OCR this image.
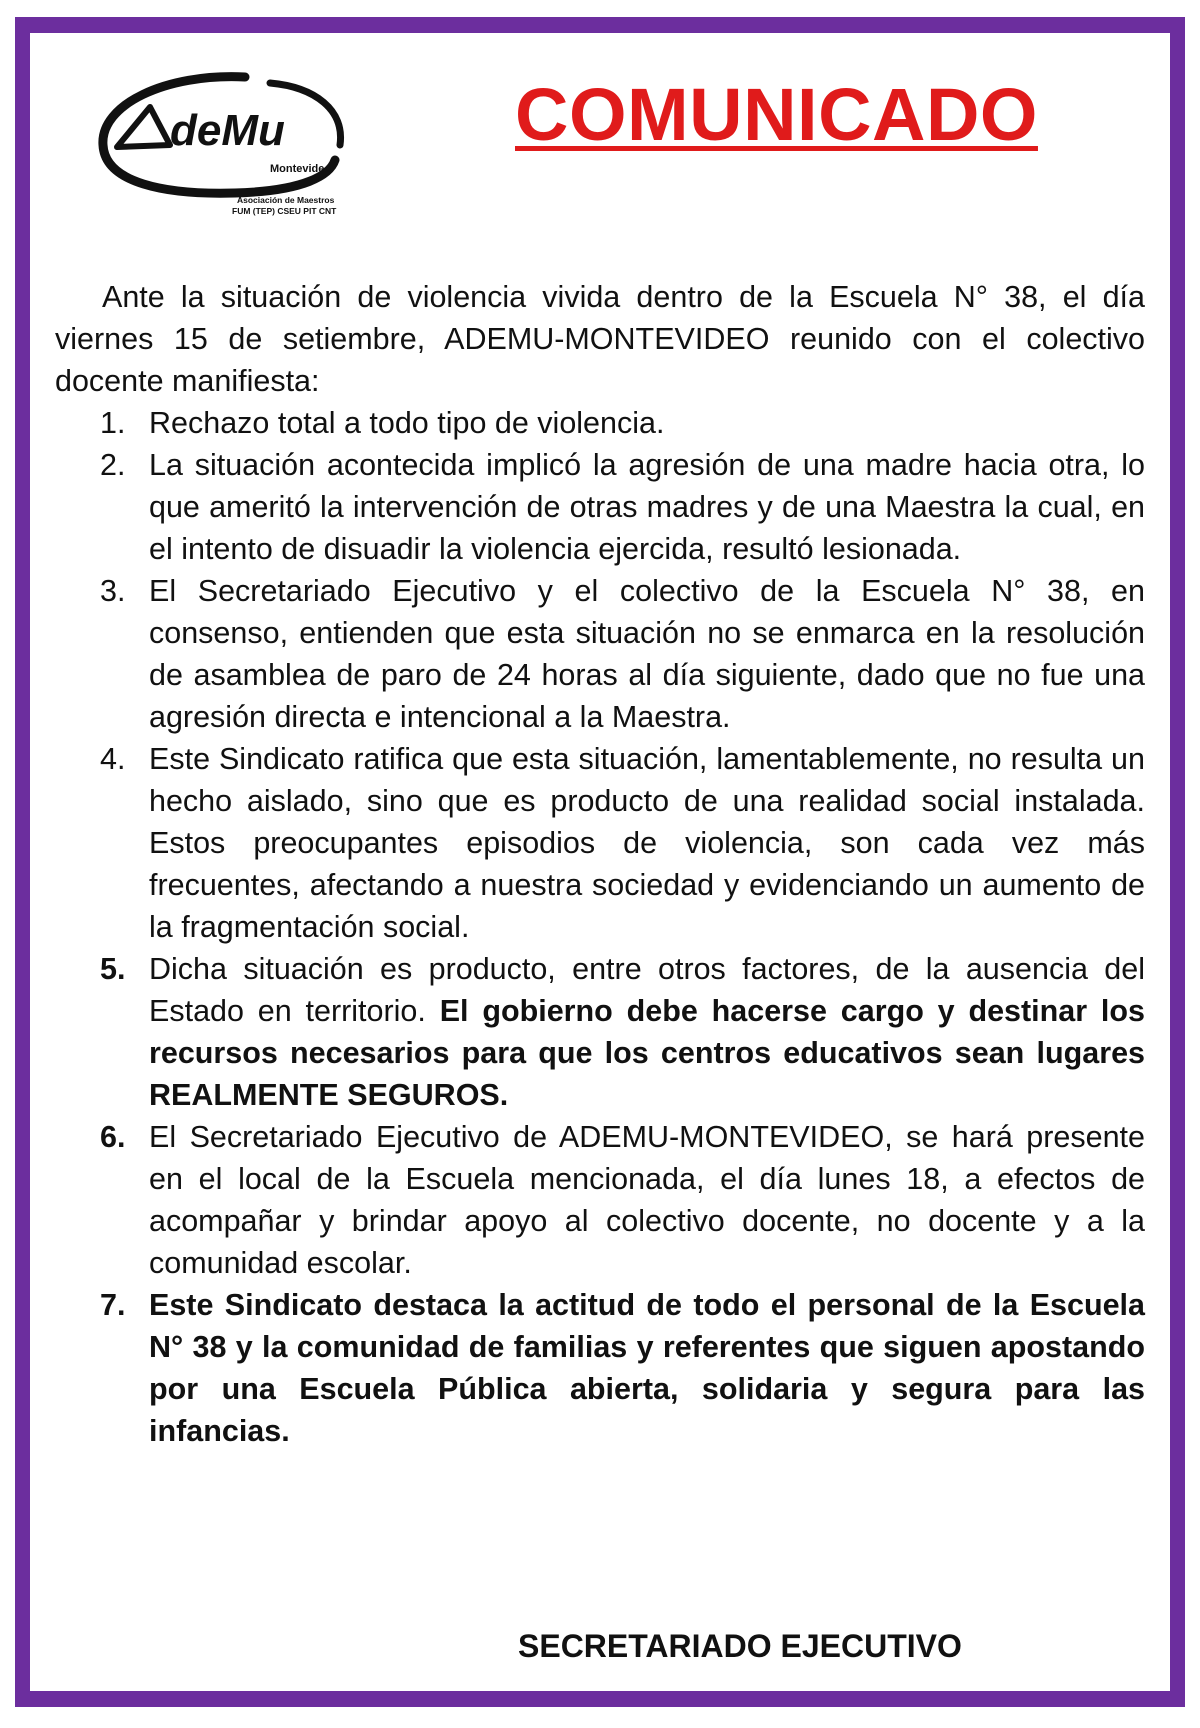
deMu
Montevideo
Asociación de Maestros
FUM (TEP) CSEU PIT CNT
COMUNICADO

Ante la situación de violencia vivida dentro de la Escuela N° 38, el día viernes 15 de setiembre, ADEMU-MONTEVIDEO reunido con el colectivo docente manifiesta:

1. Rechazo total a todo tipo de violencia.
2. La situación acontecida implicó la agresión de una madre hacia otra, lo que ameritó la intervención de otras madres y de una Maestra la cual, en el intento de disuadir la violencia ejercida, resultó lesionada.
3. El Secretariado Ejecutivo y el colectivo de la Escuela N° 38, en consenso, entienden que esta situación no se enmarca en la resolución de asamblea de paro de 24 horas al día siguiente, dado que no fue una agresión directa e intencional a la Maestra.
4. Este Sindicato ratifica que esta situación, lamentablemente, no resulta un hecho aislado, sino que es producto de una realidad social instalada. Estos preocupantes episodios de violencia, son cada vez más frecuentes, afectando a nuestra sociedad y evidenciando un aumento de la fragmentación social.
5. Dicha situación es producto, entre otros factores, de la ausencia del Estado en territorio. El gobierno debe hacerse cargo y destinar los recursos necesarios para que los centros educativos sean lugares REALMENTE SEGUROS.
6. El Secretariado Ejecutivo de ADEMU-MONTEVIDEO, se hará presente en el local de la Escuela mencionada, el día lunes 18, a efectos de acompañar y brindar apoyo al colectivo docente, no docente y a la comunidad escolar.
7. Este Sindicato destaca la actitud de todo el personal de la Escuela N° 38 y la comunidad de familias y referentes que siguen apostando por una Escuela Pública abierta, solidaria y segura para las infancias.
SECRETARIADO EJECUTIVO
